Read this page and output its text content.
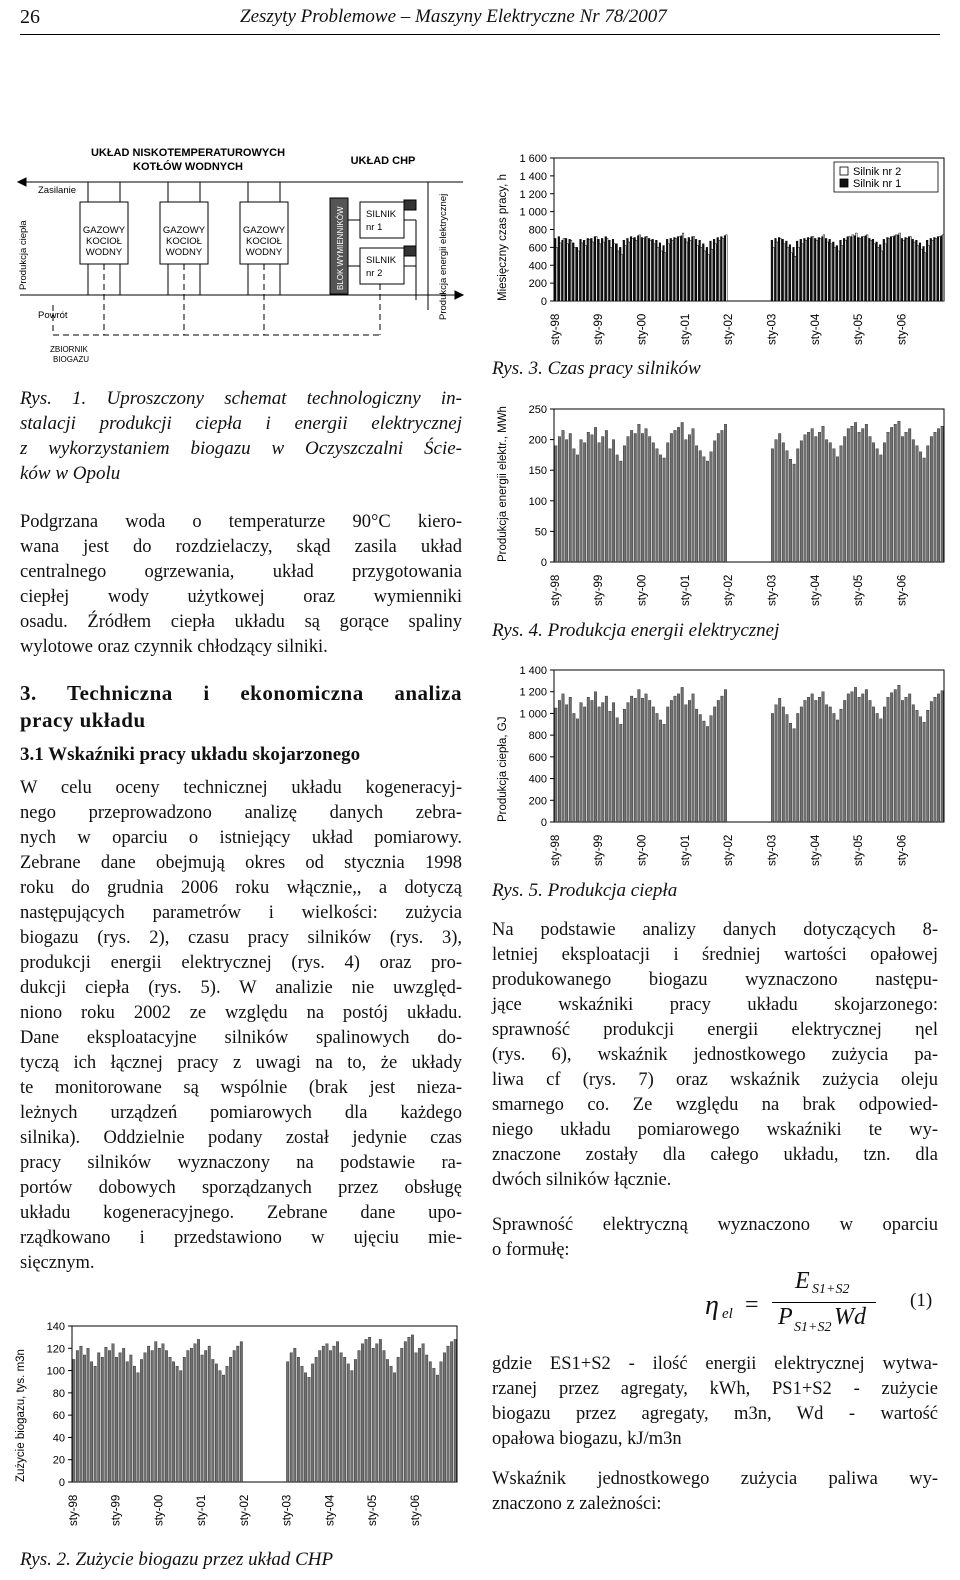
26	Zeszyty Problemowe – Maszyny Elektryczne Nr 78/2007
UKŁAD NISKOTEMPERATUROWYCH
KOTŁÓW WODNYCH	UKŁAD CHP
Produkcja ciepła
Zasilanie
Powrót
GAZOWY
KOCIOŁ
WODNY
GAZOWY
KOCIOŁ
WODNY
GAZOWY
KOCIOŁ
WODNY	BLOK WYMIENNIKÓW SILNIK
nr 1
SILNIK
nr 2	Produkcja energii elektrycznej
ZBIORNIK
BIOGAZU
Rys. 1. Uproszczony schemat technologiczny in-
stalacji produkcji ciepła i energii elektrycznej
z wykorzystaniem biogazu w Oczyszczalni Ście-
ków w Opolu
Podgrzana woda o temperaturze 90°C kiero-
wana jest do rozdzielaczy, skąd zasila układ
centralnego ogrzewania, układ przygotowania
ciepłej wody użytkowej oraz wymienniki
osadu. Źródłem ciepła układu są gorące spaliny
wylotowe oraz czynnik chłodzący silniki.
3. Techniczna i ekonomiczna analiza
pracy układu
3.1 Wskaźniki pracy układu skojarzonego
W celu oceny technicznej układu kogeneracyj-
nego przeprowadzono analizę danych zebra-
nych w oparciu o istniejący układ pomiarowy.
Zebrane dane obejmują okres od stycznia 1998
roku do grudnia 2006 roku włącznie,, a dotyczą
następujących parametrów i wielkości: zużycia
biogazu (rys. 2), czasu pracy silników (rys. 3),
produkcji energii elektrycznej (rys. 4) oraz pro-
dukcji ciepła (rys. 5). W analizie nie uwzględ-
niono roku 2002 ze względu na postój układu.
Dane eksploatacyjne silników spalinowych do-
tyczą ich łącznej pracy z uwagi na to, że układy
te monitorowane są wspólnie (brak jest nieza-
leżnych urządzeń pomiarowych dla każdego
silnika). Oddzielnie podany został jedynie czas
pracy silników wyznaczony na podstawie ra-
portów dobowych sporządzanych przez obsługę
układu kogeneracyjnego. Zebrane dane upo-
rządkowano i przedstawiono w ujęciu mie-
sięcznym.
0
20
40
60
80
100
120
140
Zużycie biogazu, tys. m3n
sty-98	sty-99	sty-00	sty-01	sty-02	sty-03	sty-04	sty-05	sty-06
Rys. 2. Zużycie biogazu przez układ CHP
0
200
400
600
800
1 000
1 200
1 400
1 600
Miesięczny czas pracy, h
sty-98	sty-99	sty-00	sty-01	sty-02	sty-03	sty-04	sty-05	sty-06
Silnik nr 2
Silnik nr 1
Rys. 3. Czas pracy silników
0
50
100
150
200
250
Produkcja energii elektr., MWh
sty-98	sty-99	sty-00	sty-01	sty-02	sty-03	sty-04	sty-05	sty-06
Rys. 4. Produkcja energii elektrycznej
0
200
400
600
800
1 000
1 200
1 400
Produkcja ciepła, GJ
sty-98	sty-99	sty-00	sty-01	sty-02	sty-03	sty-04	sty-05	sty-06
Rys. 5. Produkcja ciepła
Na podstawie analizy danych dotyczących 8-
letniej eksploatacji i średniej wartości opałowej
produkowanego biogazu wyznaczono następu-
jące wskaźniki pracy układu skojarzonego:
sprawność produkcji energii elektrycznej ηel
(rys. 6), wskaźnik jednostkowego zużycia pa-
liwa cf (rys. 7) oraz wskaźnik zużycia oleju
smarnego co. Ze względu na brak odpowied-
niego układu pomiarowego wskaźniki te wy-
znaczone zostały dla całego układu, tzn. dla
dwóch silników łącznie.
Sprawność elektryczną wyznaczono w oparciu
o formułę:
η el =
E S1+S2
P S1+S2 Wd
(1)
gdzie ES1+S2 - ilość energii elektrycznej wytwa-
rzanej przez agregaty, kWh, PS1+S2 - zużycie
biogazu przez agregaty, m3n, Wd - wartość
opałowa biogazu, kJ/m3n
Wskaźnik jednostkowego zużycia paliwa wy-
znaczono z zależności:
